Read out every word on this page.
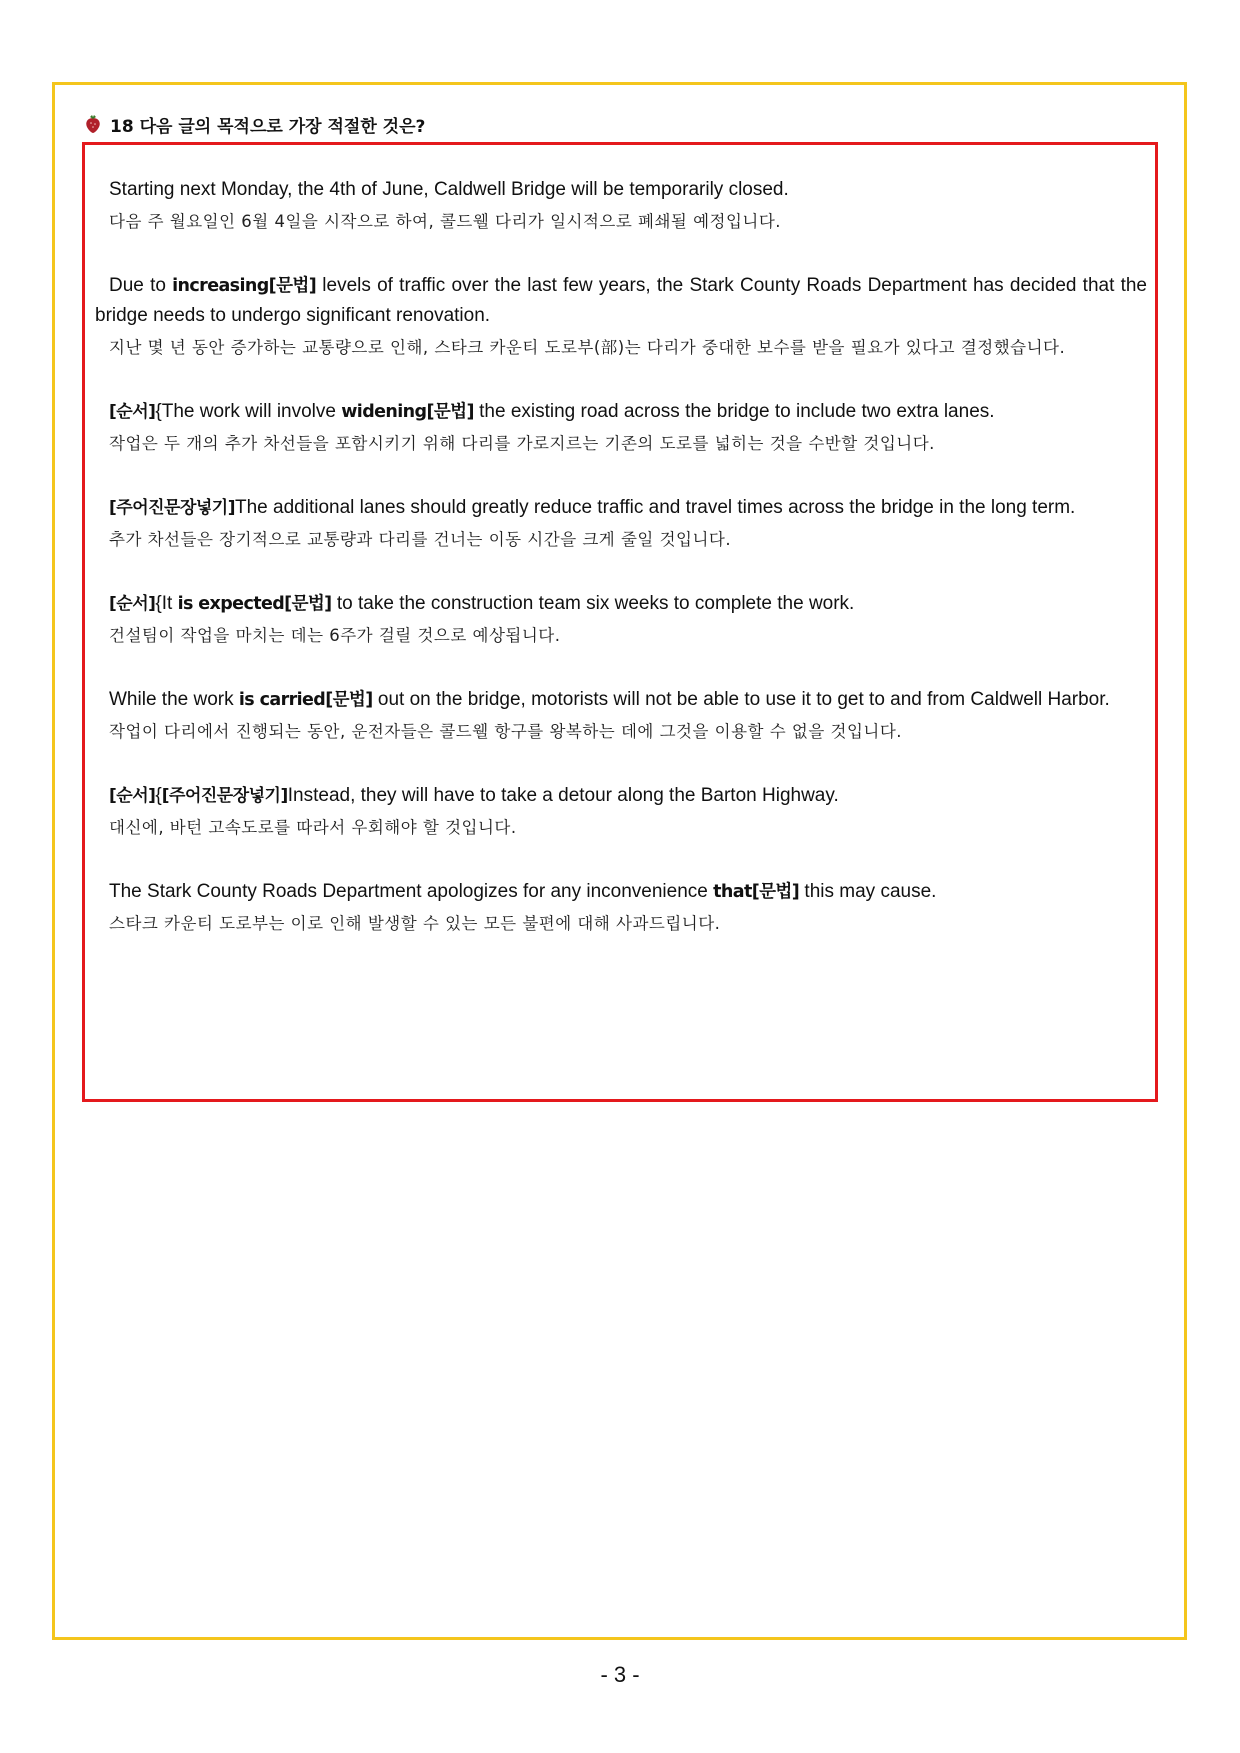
18 다음 글의 목적으로 가장 적절한 것은?

Starting next Monday, the 4th of June, Caldwell Bridge will be temporarily closed.

다음 주 월요일인 6월 4일을 시작으로 하여, 콜드웰 다리가 일시적으로 폐쇄될 예정입니다.

Due to increasing[문법] levels of traffic over the last few years, the Stark County Roads Department has decided that the bridge needs to undergo significant renovation.

지난 몇 년 동안 증가하는 교통량으로 인해, 스타크 카운티 도로부(部)는 다리가 중대한 보수를 받을 필요가 있다고 결정했습니다.

[순서]{The work will involve widening[문법] the existing road across the bridge to include two extra lanes.

작업은 두 개의 추가 차선들을 포함시키기 위해 다리를 가로지르는 기존의 도로를 넓히는 것을 수반할 것입니다.

[주어진문장넣기]The additional lanes should greatly reduce traffic and travel times across the bridge in the long term.

추가 차선들은 장기적으로 교통량과 다리를 건너는 이동 시간을 크게 줄일 것입니다.

[순서]{It is expected[문법] to take the construction team six weeks to complete the work.

건설팀이 작업을 마치는 데는 6주가 걸릴 것으로 예상됩니다.

While the work is carried[문법] out on the bridge, motorists will not be able to use it to get to and from Caldwell Harbor.

작업이 다리에서 진행되는 동안, 운전자들은 콜드웰 항구를 왕복하는 데에 그것을 이용할 수 없을 것입니다.

[순서]{[주어진문장넣기]Instead, they will have to take a detour along the Barton Highway.

대신에, 바턴 고속도로를 따라서 우회해야 할 것입니다.

The Stark County Roads Department apologizes for any inconvenience that[문법] this may cause.

스타크 카운티 도로부는 이로 인해 발생할 수 있는 모든 불편에 대해 사과드립니다.

- 3 -
